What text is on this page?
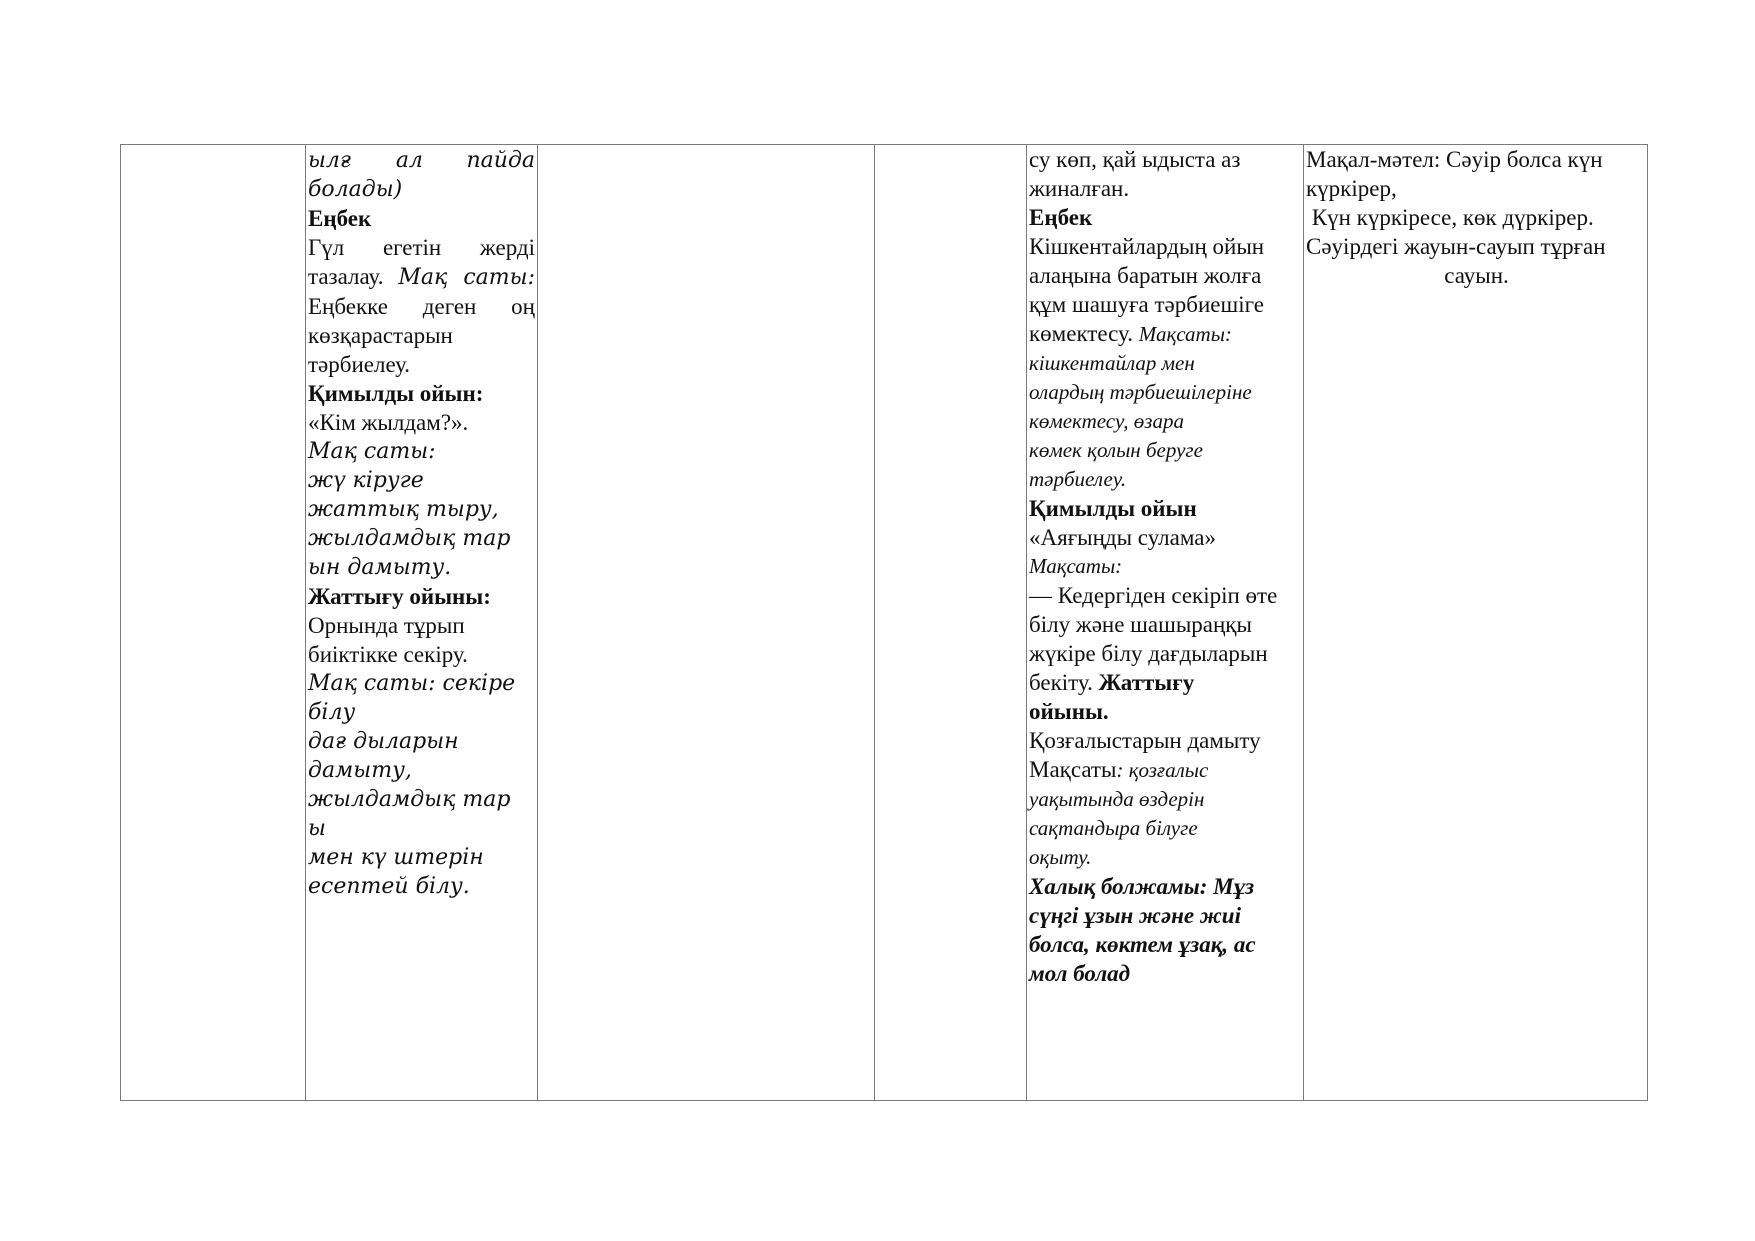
ылғ ал пайда

болады)

Еңбек

Гүл егетін жерді

тазалау. Мақ саты:

Еңбекке деген оң

көзқарастарын

тәрбиелеу.

Қимылды ойын:

«Кім жылдам?».

Мақ саты:

жү кіруге

жаттық тыру,

жылдамдық тар

ын дамыту.

Жаттығу ойыны:

Орнында тұрып

биіктікке секіру.

Мақ саты: секіре

білу

дағ дыларын

дамыту,

жылдамдық тар ы

мен кү штерін

есептей білу.

су көп, қай ыдыста аз

жиналған.

Еңбек

Кішкентайлардың ойын

алаңына баратын жолға

құм шашуға тәрбиешіге

көмектесу. Мақсаты:

кішкентайлар мен

олардың тәрбиешілеріне

көмектесу, өзара

көмек қолын беруге

тәрбиелеу.

Қимылды ойын

«Аяғыңды сулама»

Мақсаты:

— Кедергіден секіріп өте

білу және шашыраңқы

жүкіре білу дағдыларын

бекіту. Жаттығу

ойыны.

Қозғалыстарын дамыту

Мақсаты: қозғалыс

уақытында өздерін

сақтандыра білуге

оқыту.

Халық болжамы: Мұз

сүңгі ұзын және жиі

болса, көктем ұзақ, ас

мол болад

Мақал-мәтел: Сәуір болса күн

күркірер,

Күн күркіресе, көк дүркірер.

Сәуірдегі жауын-сауып тұрған

сауын.
